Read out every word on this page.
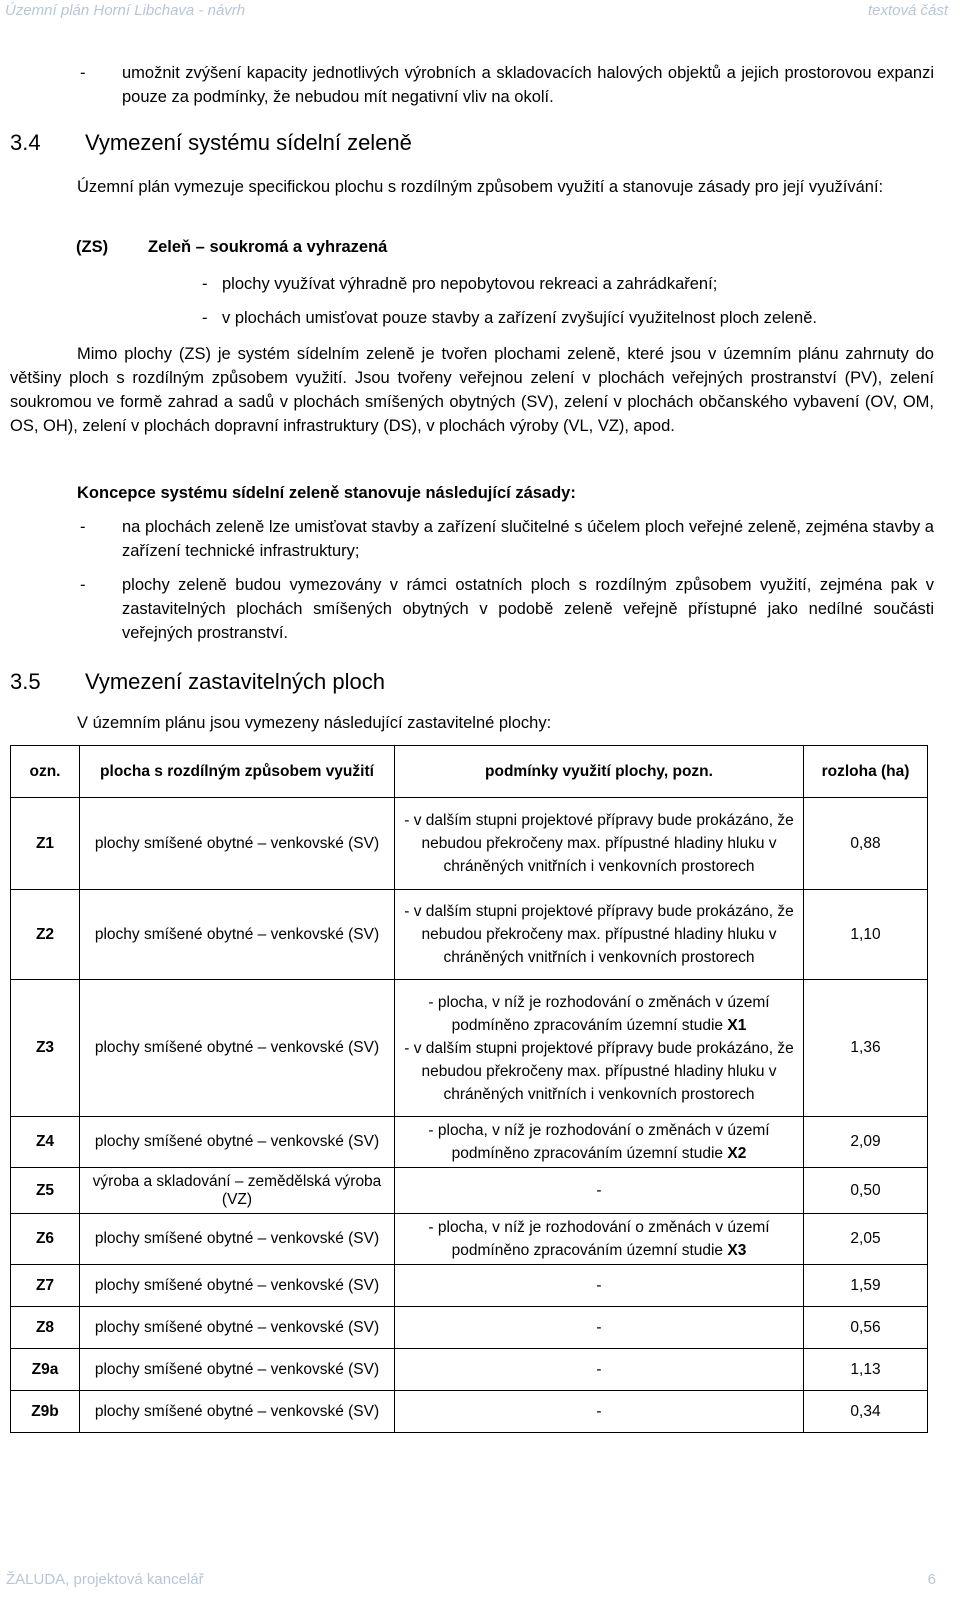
Územní plán Horní Libchava - návrh	textová část
- umožnit zvýšení kapacity jednotlivých výrobních a skladovacích halových objektů a jejich prostorovou expanzi pouze za podmínky, že nebudou mít negativní vliv na okolí.
3.4 Vymezení systému sídelní zeleně
Územní plán vymezuje specifickou plochu s rozdílným způsobem využití a stanovuje zásady pro její využívání:
(ZS) Zeleň – soukromá a vyhrazená
- plochy využívat výhradně pro nepobytovou rekreaci a zahrádkaření;
- v plochách umisťovat pouze stavby a zařízení zvyšující využitelnost ploch zeleně.
Mimo plochy (ZS) je systém sídelním zeleně je tvořen plochami zeleně, které jsou v územním plánu zahrnuty do většiny ploch s rozdílným způsobem využití. Jsou tvořeny veřejnou zelení v plochách veřejných prostranství (PV), zelení soukromou ve formě zahrad a sadů v plochách smíšených obytných (SV), zelení v plochách občanského vybavení (OV, OM, OS, OH), zelení v plochách dopravní infrastruktury (DS), v plochách výroby (VL, VZ), apod.
Koncepce systému sídelní zeleně stanovuje následující zásady:
- na plochách zeleně lze umisťovat stavby a zařízení slučitelné s účelem ploch veřejné zeleně, zejména stavby a zařízení technické infrastruktury;
- plochy zeleně budou vymezovány v rámci ostatních ploch s rozdílným způsobem využití, zejména pak v zastavitelných plochách smíšených obytných v podobě zeleně veřejně přístupné jako nedílné součásti veřejných prostranství.
3.5 Vymezení zastavitelných ploch
V územním plánu jsou vymezeny následující zastavitelné plochy:
ozn.	plocha s rozdílným způsobem využití	podmínky využití plochy, pozn.	rozloha (ha)
Z1	plochy smíšené obytné – venkovské (SV)	- v dalším stupni projektové přípravy bude prokázáno, že nebudou překročeny max. přípustné hladiny hluku v chráněných vnitřních i venkovních prostorech	0,88
Z2	plochy smíšené obytné – venkovské (SV)	- v dalším stupni projektové přípravy bude prokázáno, že nebudou překročeny max. přípustné hladiny hluku v chráněných vnitřních i venkovních prostorech	1,10
Z3	plochy smíšené obytné – venkovské (SV)	- plocha, v níž je rozhodování o změnách v území podmíněno zpracováním územní studie X1
- v dalším stupni projektové přípravy bude prokázáno, že nebudou překročeny max. přípustné hladiny hluku v chráněných vnitřních i venkovních prostorech	1,36
Z4	plochy smíšené obytné – venkovské (SV)	- plocha, v níž je rozhodování o změnách v území podmíněno zpracováním územní studie X2	2,09
Z5	výroba a skladování – zemědělská výroba (VZ)	-	0,50
Z6	plochy smíšené obytné – venkovské (SV)	- plocha, v níž je rozhodování o změnách v území podmíněno zpracováním územní studie X3	2,05
Z7	plochy smíšené obytné – venkovské (SV)	-	1,59
Z8	plochy smíšené obytné – venkovské (SV)	-	0,56
Z9a	plochy smíšené obytné – venkovské (SV)	-	1,13
Z9b	plochy smíšené obytné – venkovské (SV)	-	0,34
ŽALUDA, projektová kancelář	6
